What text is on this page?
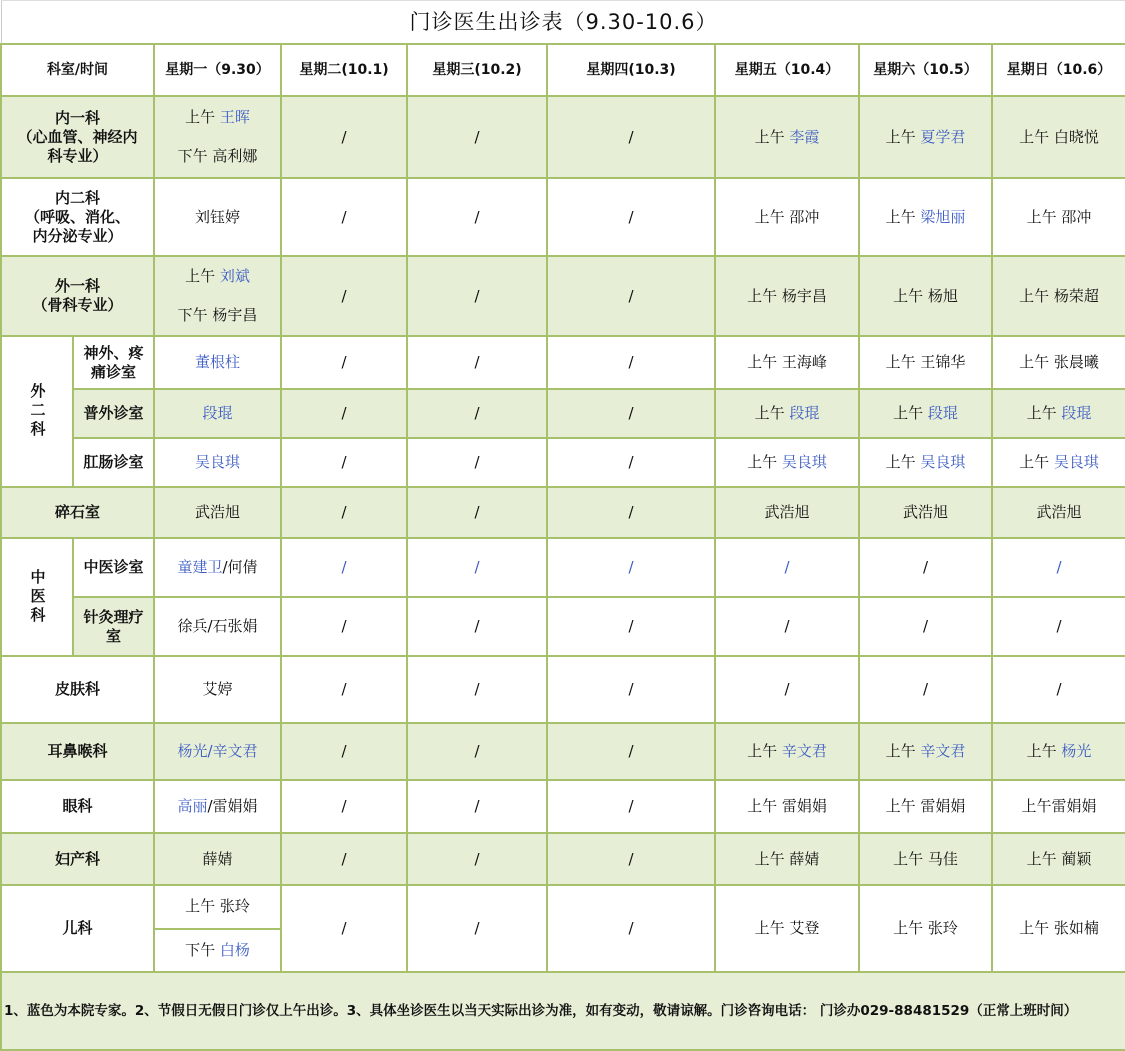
门诊医生出诊表（9.30-10.6）								
科室/时间		星期一（9.30）	星期二(10.1)	星期三(10.2)	星期四(10.3)	星期五（10.4）	星期六（10.5）	星期日（10.6）

内一科
（心血管、神经内
科专业）		上午 王晖
下午 高利娜	/	/	/	上午 李霞	上午 夏学君	上午 白晓悦

内二科
（呼吸、消化、
内分泌专业）		刘钰婷	/	/	/	上午 邵冲	上午 梁旭丽	上午 邵冲

外一科
（骨科专业）		上午 刘斌
下午 杨宇昌	/	/	/	上午 杨宇昌	上午 杨旭	上午 杨荣超

外二科	神外、疼
痛诊室	董根柱	/	/	/	上午 王海峰	上午 王锦华	上午 张晨曦

	普外诊室	段琨	/	/	/	上午 段琨	上午 段琨	上午 段琨

	肛肠诊室	吴良琪	/	/	/	上午 吴良琪	上午 吴良琪	上午 吴良琪

碎石室		武浩旭	/	/	/	武浩旭	武浩旭	武浩旭

中医科	中医诊室	童建卫/何倩	/	/	/	/	/	/

	针灸理疗
室	徐兵/石张娟	/	/	/	/	/	/

皮肤科		艾婷	/	/	/	/	/	/

耳鼻喉科		杨光/辛文君	/	/	/	上午 辛文君	上午 辛文君	上午 杨光

眼科		高丽/雷娟娟	/	/	/	上午 雷娟娟	上午 雷娟娟	上午雷娟娟

妇产科		薛婧	/	/	/	上午 薛婧	上午 马佳	上午 蔺颖

儿科		上午 张玲
下午 白杨	/	/	/	上午 艾登	上午 张玲	上午 张如楠

1、蓝色为本院专家。2、节假日无假日门诊仅上午出诊。3、具体坐诊医生以当天实际出诊为准，如有变动，敬请谅解。门诊咨询电话： 门诊办029-88481529（正常上班时间）								
